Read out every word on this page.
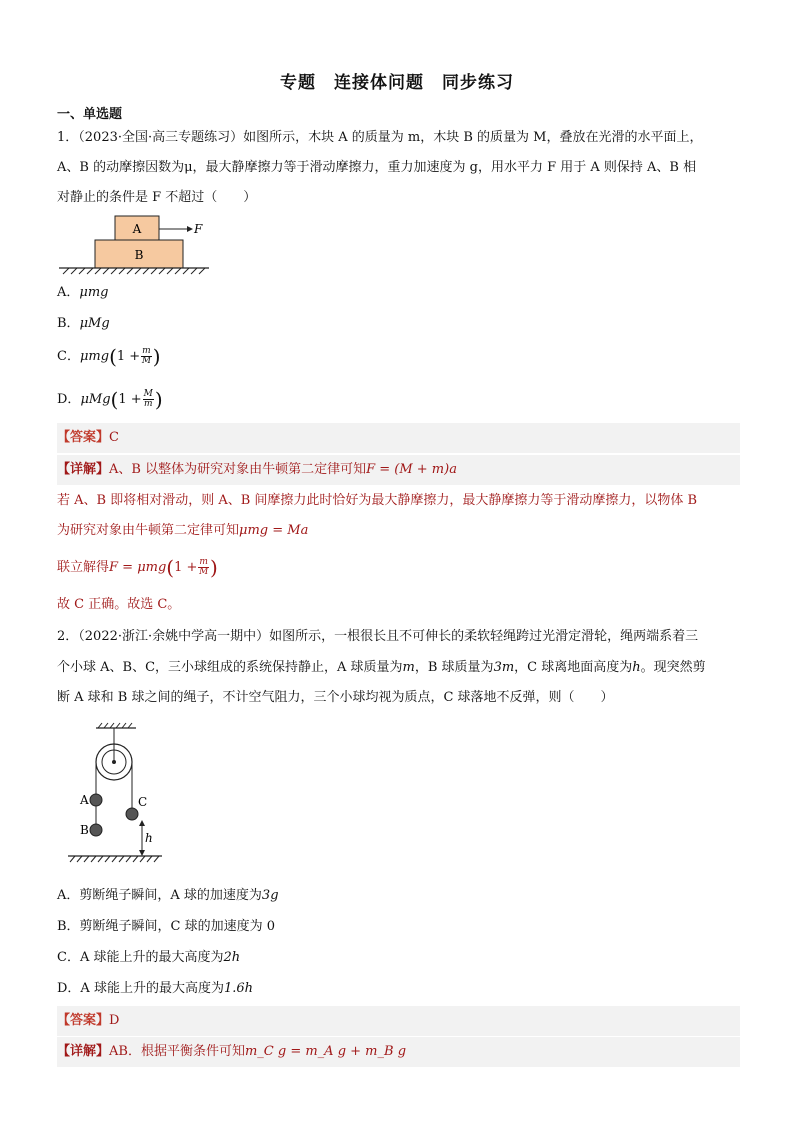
专题　连接体问题　同步练习
一、单选题
1．（2023·全国·高三专题练习）如图所示，木块 A 的质量为 m，木块 B 的质量为 M，叠放在光滑的水平面上，
A、B 的动摩擦因数为μ，最大静摩擦力等于滑动摩擦力，重力加速度为 g，用水平力 F 用于 A 则保持 A、B 相
对静止的条件是 F 不超过（　　）
A
B
F
A．μmg
B．μMg
C．$\mu mg(1 + \frac{m}{M}$ )
D．$\mu Mg(1 + \frac{M}{m}$ )
【答案】C
【详解】A、B 以整体为研究对象由牛顿第二定律可知F = (M + m)a
若 A、B 即将相对滑动，则 A、B 间摩擦力此时恰好为最大静摩擦力，最大静摩擦力等于滑动摩擦力，以物体 B
为研究对象由牛顿第二定律可知μmg = Ma
联立解得$F = \mu mg(1 + \frac{m}{M}$ )
故 C 正确。故选 C。
2．（2022·浙江·余姚中学高一期中）如图所示，一根很长且不可伸长的柔软轻绳跨过光滑定滑轮，绳两端系着三
个小球 A、B、C，三小球组成的系统保持静止，A 球质量为m，B 球质量为3m，C 球离地面高度为h。现突然剪
断 A 球和 B 球之间的绳子，不计空气阻力，三个小球均视为质点，C 球落地不反弹，则（　　）
A
B
C
h
A．剪断绳子瞬间，A 球的加速度为3g
B．剪断绳子瞬间，C 球的加速度为 0
C．A 球能上升的最大高度为2h
D．A 球能上升的最大高度为1.6h
【答案】D
【详解】AB．根据平衡条件可知m_C g = m_A g + m_B g
